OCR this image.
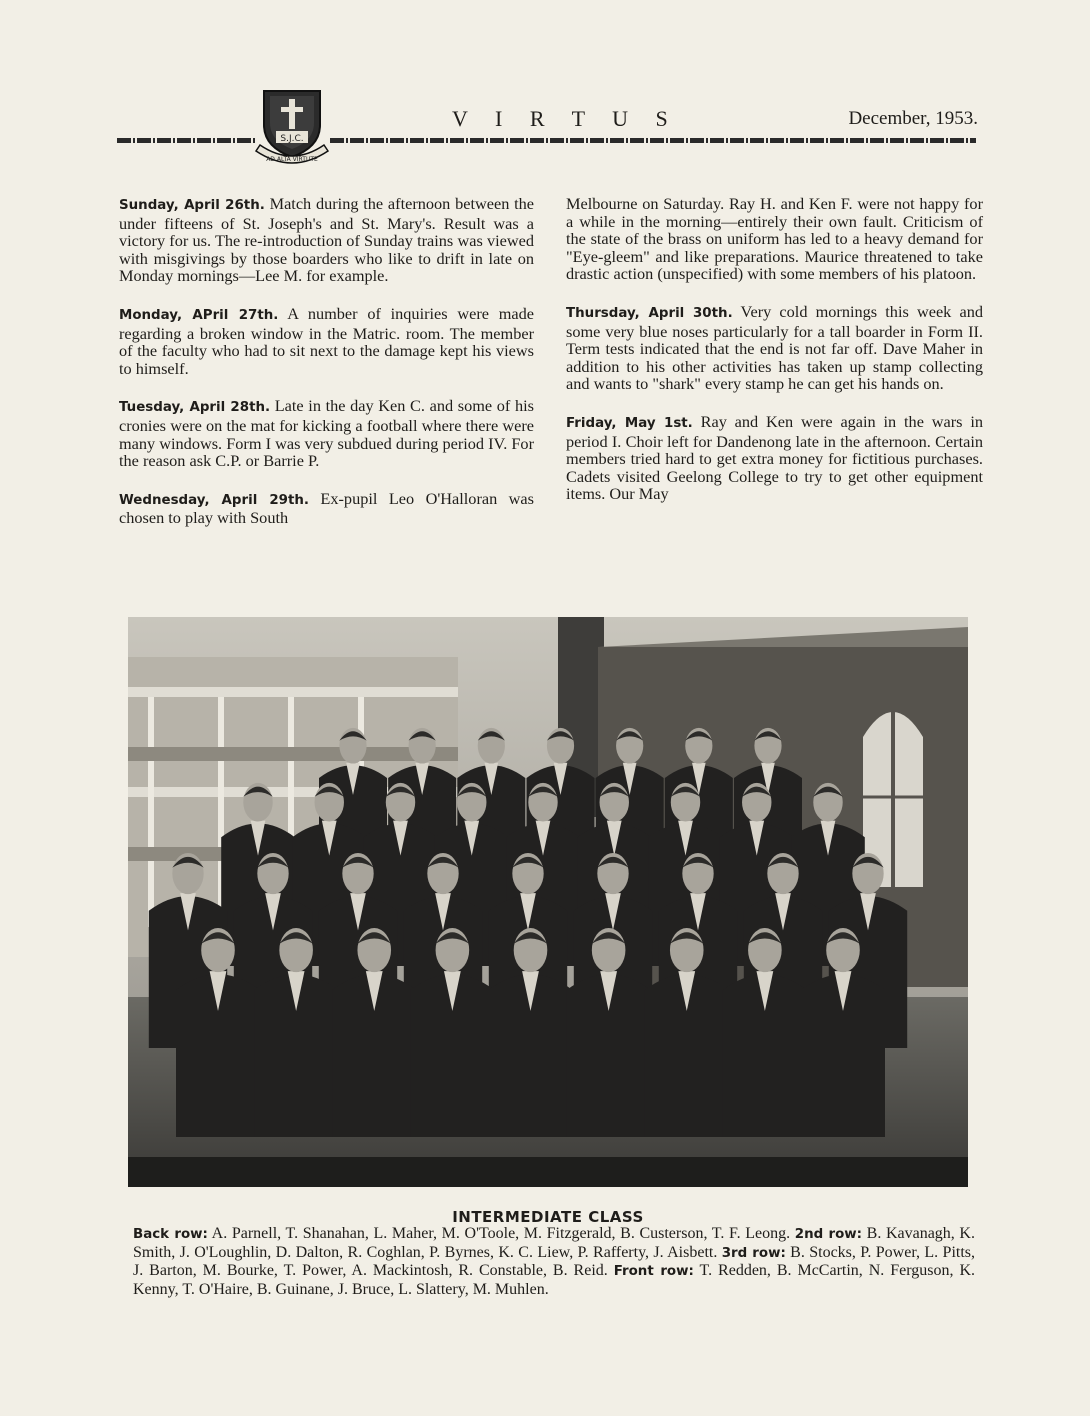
S.J.C.
AD ALTA VIRTUTE
V I R T U S	December, 1953.

Sunday, April 26th. Match during the afternoon between the under fifteens of St. Joseph's and St. Mary's. Result was a victory for us. The re-introduction of Sunday trains was viewed with misgivings by those boarders who like to drift in late on Monday mornings—Lee M. for example.

Monday, APril 27th. A number of inquiries were made regarding a broken window in the Matric. room. The member of the faculty who had to sit next to the damage kept his views to himself.

Tuesday, April 28th. Late in the day Ken C. and some of his cronies were on the mat for kicking a football where there were many windows. Form I was very subdued during period IV. For the reason ask C.P. or Barrie P.

Wednesday, April 29th. Ex-pupil Leo O'Halloran was chosen to play with South

Melbourne on Saturday. Ray H. and Ken F. were not happy for a while in the morning—entirely their own fault. Criticism of the state of the brass on uniform has led to a heavy demand for "Eye-gleem" and like preparations. Maurice threatened to take drastic action (unspecified) with some members of his platoon.

Thursday, April 30th. Very cold mornings this week and some very blue noses particularly for a tall boarder in Form II. Term tests indicated that the end is not far off. Dave Maher in addition to his other activities has taken up stamp collecting and wants to "shark" every stamp he can get his hands on.

Friday, May 1st. Ray and Ken were again in the wars in period I. Choir left for Dandenong late in the afternoon. Certain members tried hard to get extra money for fictitious purchases. Cadets visited Geelong College to try to get other equipment items. Our May

INTERMEDIATE CLASS
Back row: A. Parnell, T. Shanahan, L. Maher, M. O'Toole, M. Fitzgerald, B. Custerson, T. F. Leong. 2nd row: B. Kavanagh, K. Smith, J. O'Loughlin, D. Dalton, R. Coghlan, P. Byrnes, K. C. Liew, P. Rafferty, J. Aisbett. 3rd row: B. Stocks, P. Power, L. Pitts, J. Barton, M. Bourke, T. Power, A. Mackintosh, R. Constable, B. Reid. Front row: T. Redden, B. McCartin, N. Ferguson, K. Kenny, T. O'Haire, B. Guinane, J. Bruce, L. Slattery, M. Muhlen.
